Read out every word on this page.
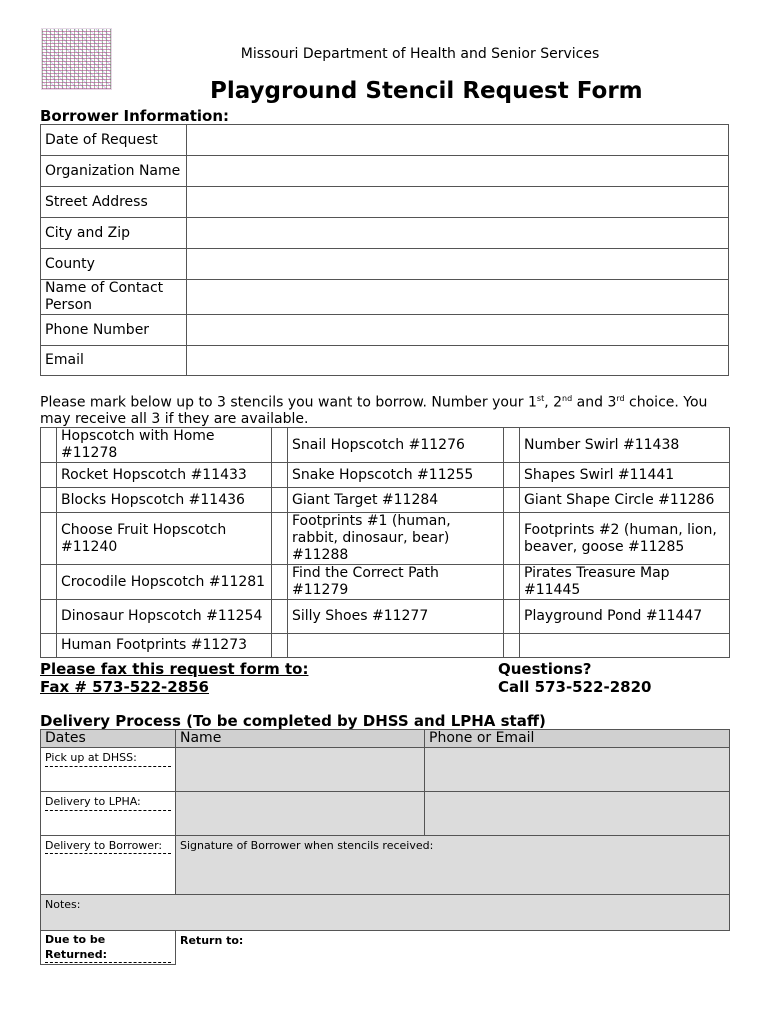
Missouri Department of Health and Senior Services
Playground Stencil Request Form
Borrower Information:
Date of Request	
Organization Name	
Street Address	
City and Zip	
County	
Name of Contact Person	
Phone Number	
Email	
Please mark below up to 3 stencils you want to borrow. Number your 1st, 2nd and 3rd choice. You may receive all 3 if they are available.
	Hopscotch with Home #11278		Snail Hopscotch #11276		Number Swirl #11438
	Rocket Hopscotch #11433		Snake Hopscotch #11255		Shapes Swirl #11441
	Blocks Hopscotch #11436		Giant Target #11284		Giant Shape Circle #11286
	Choose Fruit Hopscotch #11240		Footprints #1 (human, rabbit, dinosaur, bear) #11288		Footprints #2 (human, lion, beaver, goose #11285
	Crocodile Hopscotch #11281		Find the Correct Path #11279		Pirates Treasure Map #11445
	Dinosaur Hopscotch #11254		Silly Shoes #11277		Playground Pond #11447
	Human Footprints #11273				
Please fax this request form to:
Fax # 573-522-2856
Questions?
Call 573-522-2820
Delivery Process (To be completed by DHSS and LPHA staff)
Dates	Name	Phone or Email
Pick up at DHSS:		
Delivery to LPHA:		
Delivery to Borrower:	Signature of Borrower when stencils received:	
Notes:		
Due to be Returned:	Return to:	
